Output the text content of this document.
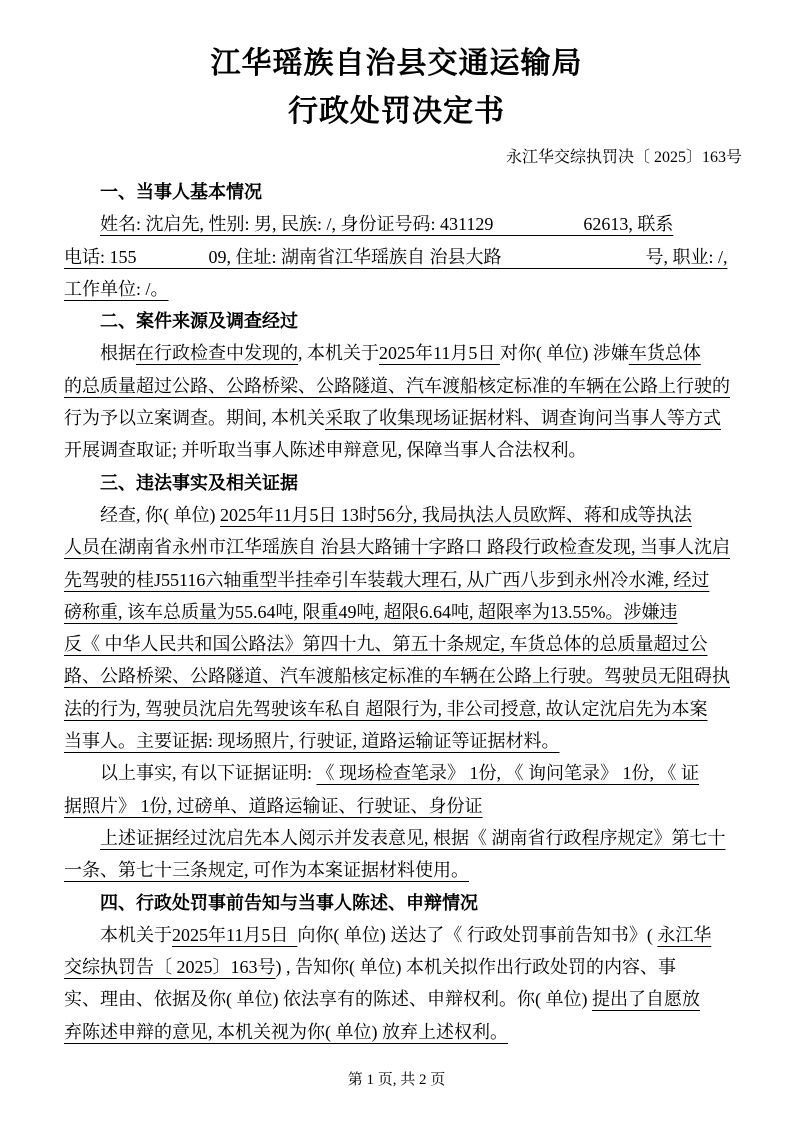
江华瑶族自治县交通运输局
行政处罚决定书
永江华交综执罚决〔 2025〕163号
一、当事人基本情况
姓名: 沈启先, 性别: 男, 民族: /, 身份证号码: 431129　　　　　62613, 联系
电话: 155　　　　09, 住址: 湖南省江华瑶族自 治县大路　　　　　　　　号, 职业: /,
工作单位: /。
二、案件来源及调查经过
根据在行政检查中发现的, 本机关于2025年11月5日 对你( 单位) 涉嫌车货总体
的总质量超过公路、公路桥梁、公路隧道、汽车渡船核定标准的车辆在公路上行驶的
行为予以立案调查。期间, 本机关采取了收集现场证据材料、调查询问当事人等方式
开展调查取证; 并听取当事人陈述申辩意见, 保障当事人合法权利。
三、违法事实及相关证据
经查, 你( 单位) 2025年11月5日 13时56分, 我局执法人员欧辉、蒋和成等执法
人员在湖南省永州市江华瑶族自 治县大路铺十字路口 路段行政检查发现, 当事人沈启
先驾驶的桂J55116六轴重型半挂牵引车装载大理石, 从广西八步到永州冷水滩, 经过
磅称重, 该车总质量为55.64吨, 限重49吨, 超限6.64吨, 超限率为13.55%。涉嫌违
反《 中华人民共和国公路法》第四十九、第五十条规定, 车货总体的总质量超过公
路、公路桥梁、公路隧道、汽车渡船核定标准的车辆在公路上行驶。驾驶员无阻碍执
法的行为, 驾驶员沈启先驾驶该车私自 超限行为, 非公司授意, 故认定沈启先为本案
当事人。主要证据: 现场照片, 行驶证, 道路运输证等证据材料。
以上事实, 有以下证据证明: 《 现场检查笔录》 1份, 《 询问笔录》 1份, 《 证
据照片》 1份, 过磅单、道路运输证、行驶证、身份证
上述证据经过沈启先本人阅示并发表意见, 根据《 湖南省行政程序规定》第七十
一条、第七十三条规定, 可作为本案证据材料使用。
四、行政处罚事前告知与当事人陈述、申辩情况
本机关于2025年11月5日  向你( 单位) 送达了《 行政处罚事前告知书》( 永江华
交综执罚告〔 2025〕163号) , 告知你( 单位) 本机关拟作出行政处罚的内容、事
实、理由、依据及你( 单位) 依法享有的陈述、申辩权利。你( 单位) 提出了自愿放
弃陈述申辩的意见, 本机关视为你( 单位) 放弃上述权利。
第 1 页, 共 2 页
